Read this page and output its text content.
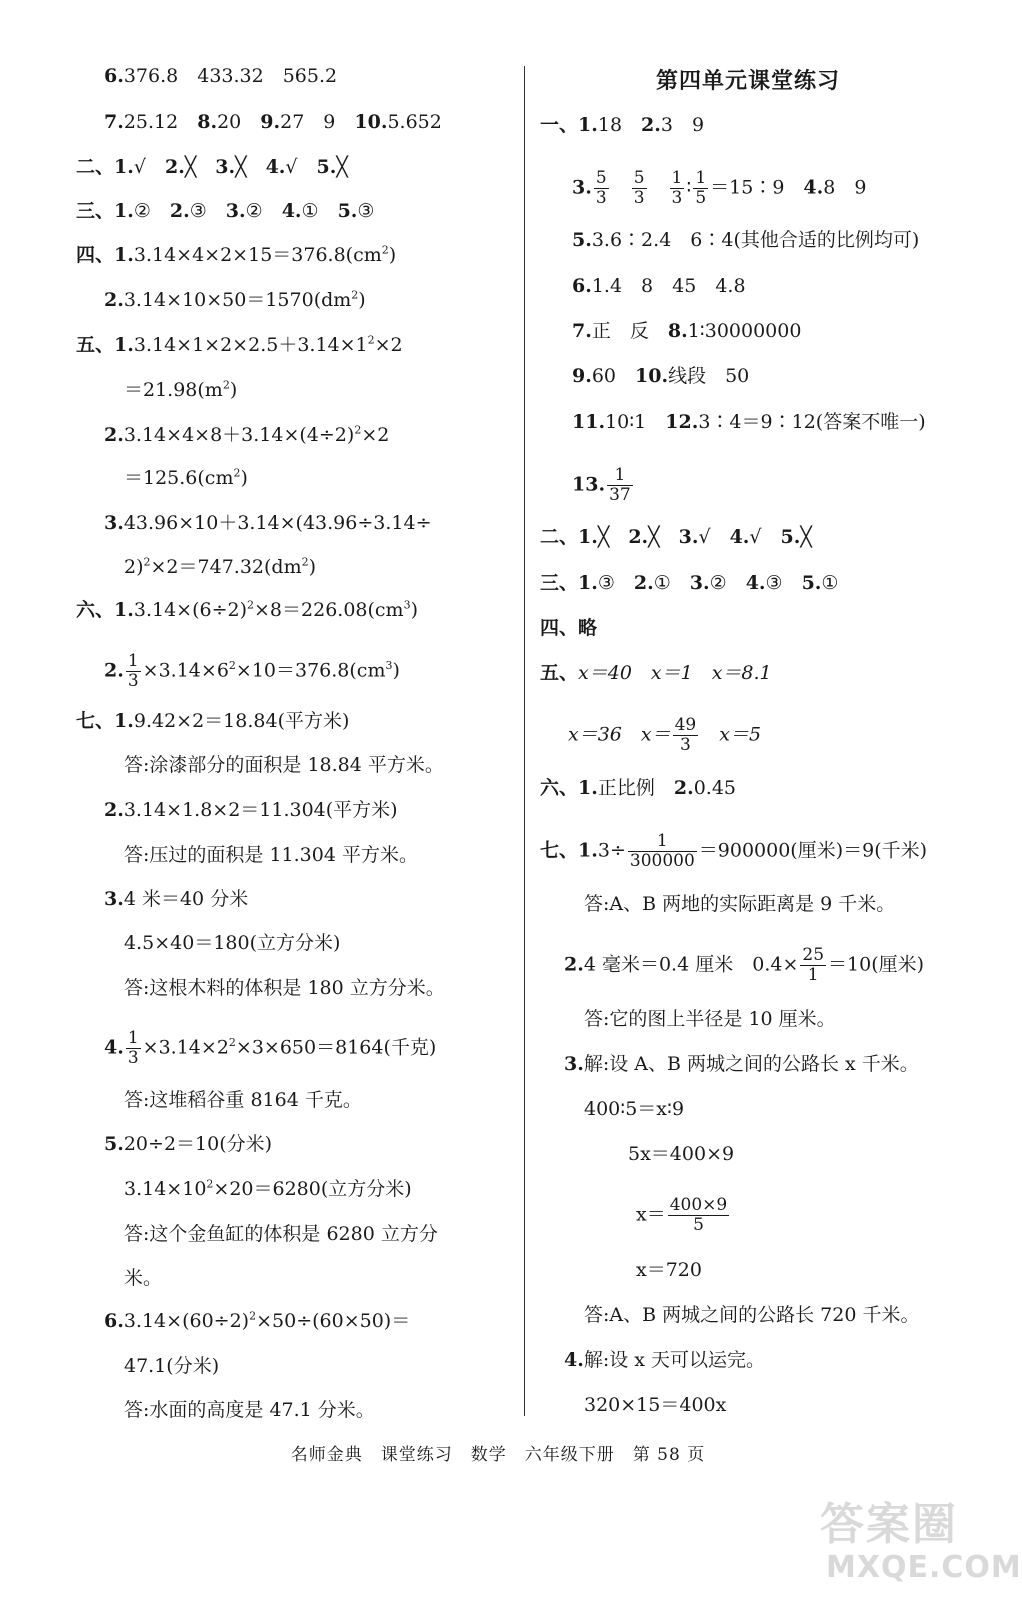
6.376.8　433.32　565.2
7.25.12　8.20　9.27　9　10.5.652
二、1.√　2.╳　3.╳　4.√　5.╳
三、1.②　2.③　3.②　4.①　5.③
四、$1.3.14\times 4\times 2\times 15=376.8(cm^2)$
$2.3.14\times 10\times 50=1570(dm^2)$
五、$1.3.14\times 1\times 2\times 2.5+3.14\times 1^2\times 2$
$=21.98(m^2)$
$2.3.14\times 4\times 8+3.14\times(4\div 2)^2\times 2$
$=125.6(cm^2)$
3.43.96×10＋3.14×(43.96÷3.14÷
$2)^2\times 2=747.32(dm^2)$
六、$1.3.14\times(6\div 2)^2\times 8=226.08(cm^3)$
2. $\frac{1}{3} \times 3.14\times 6^2\times 10=376.8(cm^3)$
七、1.9.42×2＝18.84(平方米)
答:涂漆部分的面积是 18.84 平方米。
2.3.14×1.8×2＝11.304(平方米)
答:压过的面积是 11.304 平方米。
3.4 米＝40 分米
4.5×40＝180(立方分米)
答:这根木料的体积是 180 立方分米。
4. $\frac{1}{3} \times 3.14\times 2^2\times 3\times 650=8164$(千克)
答:这堆稻谷重 8164 千克。
5.20÷2＝10(分米)
$3.14\times 10^2\times 20=6280$(立方分米)
答:这个金鱼缸的体积是 6280 立方分
米。
$6.3.14\times(60\div 2)^2\times 50\div(60\times 50)=$
47.1(分米)
答:水面的高度是 47.1 分米。
第四单元课堂练习
一、1.18　2.3　9
3. $\frac{5}{3}$
　 $\frac{5}{3}$
　 $\frac{1}{3}$ ∶ $\frac{1}{5}$ ＝15∶9　4.8　9
5.3.6∶2.4　6∶4(其他合适的比例均可)
6.1.4　8　45　4.8
7.正　反　8.1∶30000000
9.60　10.线段　50
11.10∶1　12.3∶4＝9∶12(答案不唯一)
13. $\frac{1}{37}$
二、1.╳　2.╳　3.√　4.√　5.╳
三、1.③　2.①　3.②　4.③　5.①
四、略
五、x＝40　x＝1　x＝8.1
x＝36　$x= \frac{49}{3}$ 　x＝5
六、1.正比例　2.0.45
七、$1.3\div \frac{1}{300000} =900000$(厘米)＝9(千米)
答:A、B 两地的实际距离是 9 千米。
2.4 毫米＝0.4 厘米　$0.4\times \frac{25}{1} =10$(厘米)
答:它的图上半径是 10 厘米。
3.解:设 A、B 两城之间的公路长 x 千米。
400∶5＝x∶9
5x＝400×9
$x= \frac{400\times 9}{5}$
x＝720
答:A、B 两城之间的公路长 720 千米。
4.解:设 x 天可以运完。
320×15＝400x
名师金典　课堂练习　数学　六年级下册　第 58 页
答案圈
MXQE.COM
